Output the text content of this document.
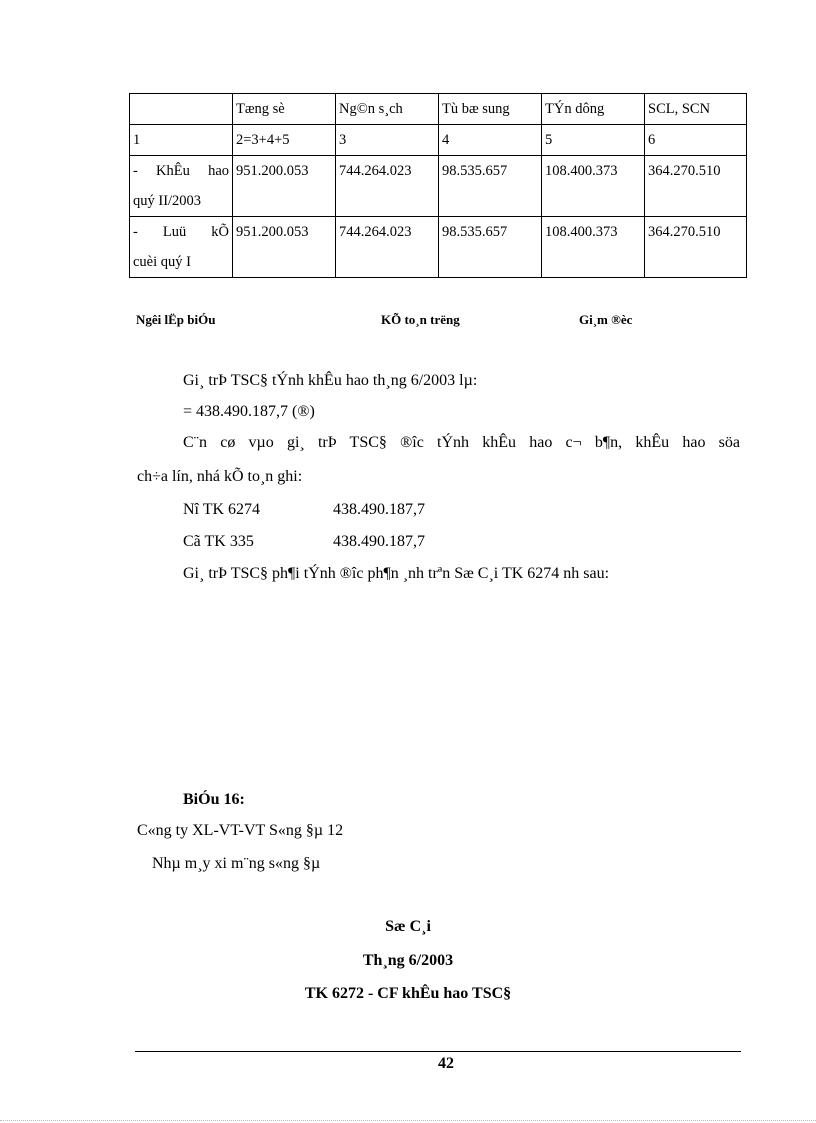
	Tæng sè	Ng©n s¸ch	Tù bæ sung	TÝn dông	SCL, SCN
1	2=3+4+5	3	4	5	6
- KhÊu hao
quý II/2003	951.200.053	744.264.023	98.535.657	108.400.373	364.270.510
- Luü kÕ
cuèi quý I	951.200.053	744.264.023	98.535.657	108.400.373	364.270.510
Ngêi lËp biÓu	KÕ to¸n trëng	Gi¸m ®èc
Gi¸ trÞ TSC§ tÝnh khÊu hao th¸ng 6/2003 lµ:
= 438.490.187,7 (®)
C¨n cø vµo gi¸ trÞ TSC§ ®îc tÝnh khÊu hao c¬ b¶n, khÊu hao söa
ch÷a lín, nhá kÕ to¸n ghi:
Nî TK 6274	438.490.187,7
Cã TK 335	438.490.187,7
Gi¸ trÞ TSC§ ph¶i tÝnh ®îc ph¶n ¸nh trªn Sæ C¸i TK 6274 nh sau:
BiÓu 16:
C«ng ty XL-VT-VT S«ng §µ 12
Nhµ m¸y xi m¨ng s«ng §µ
Sæ C¸i
Th¸ng 6/2003
TK 6272 - CF khÊu hao TSC§
42
